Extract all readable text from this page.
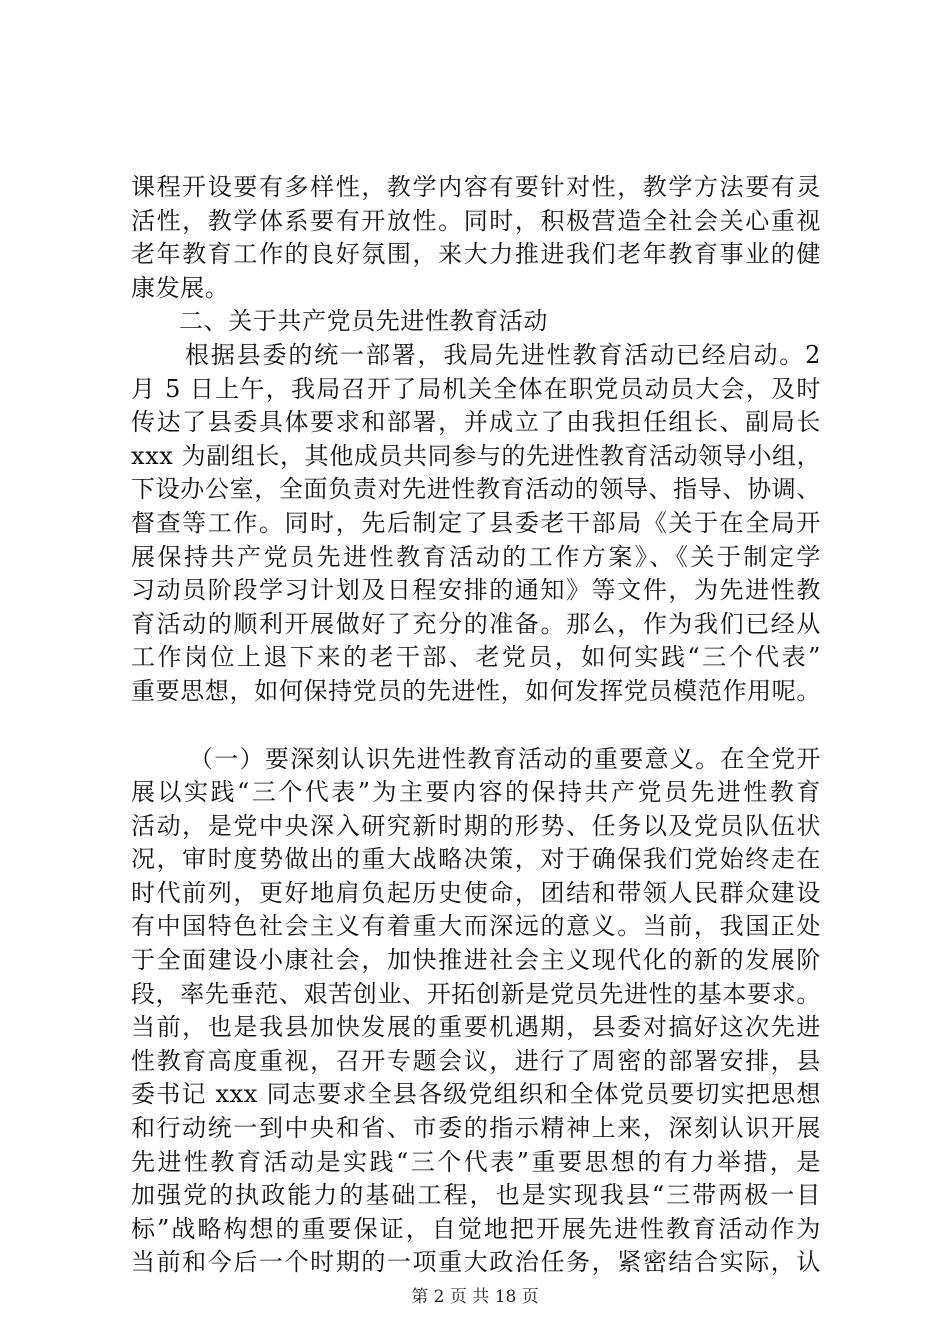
课程开设要有多样性，教学内容有要针对性，教学方法要有灵
活性，教学体系要有开放性。同时，积极营造全社会关心重视
老年教育工作的良好氛围，来大力推进我们老年教育事业的健
康发展。
二、关于共产党员先进性教育活动
根据县委的统一部署，我局先进性教育活动已经启动。2
月 5 日上午，我局召开了局机关全体在职党员动员大会，及时
传达了县委具体要求和部署，并成立了由我担任组长、副局长
xxx 为副组长，其他成员共同参与的先进性教育活动领导小组，
下设办公室，全面负责对先进性教育活动的领导、指导、协调、
督查等工作。同时，先后制定了县委老干部局《关于在全局开
展保持共产党员先进性教育活动的工作方案》、《关于制定学
习动员阶段学习计划及日程安排的通知》等文件，为先进性教
育活动的顺利开展做好了充分的准备。那么，作为我们已经从
工作岗位上退下来的老干部、老党员，如何实践“三个代表”
重要思想，如何保持党员的先进性，如何发挥党员模范作用呢。
（一）要深刻认识先进性教育活动的重要意义。在全党开
展以实践“三个代表”为主要内容的保持共产党员先进性教育
活动，是党中央深入研究新时期的形势、任务以及党员队伍状
况，审时度势做出的重大战略决策，对于确保我们党始终走在
时代前列，更好地肩负起历史使命，团结和带领人民群众建设
有中国特色社会主义有着重大而深远的意义。当前，我国正处
于全面建设小康社会，加快推进社会主义现代化的新的发展阶
段，率先垂范、艰苦创业、开拓创新是党员先进性的基本要求。
当前，也是我县加快发展的重要机遇期，县委对搞好这次先进
性教育高度重视，召开专题会议，进行了周密的部署安排，县
委书记 xxx 同志要求全县各级党组织和全体党员要切实把思想
和行动统一到中央和省、市委的指示精神上来，深刻认识开展
先进性教育活动是实践“三个代表”重要思想的有力举措，是
加强党的执政能力的基础工程，也是实现我县“三带两极一目
标”战略构想的重要保证，自觉地把开展先进性教育活动作为
当前和今后一个时期的一项重大政治任务，紧密结合实际，认
第 2 页 共 18 页
